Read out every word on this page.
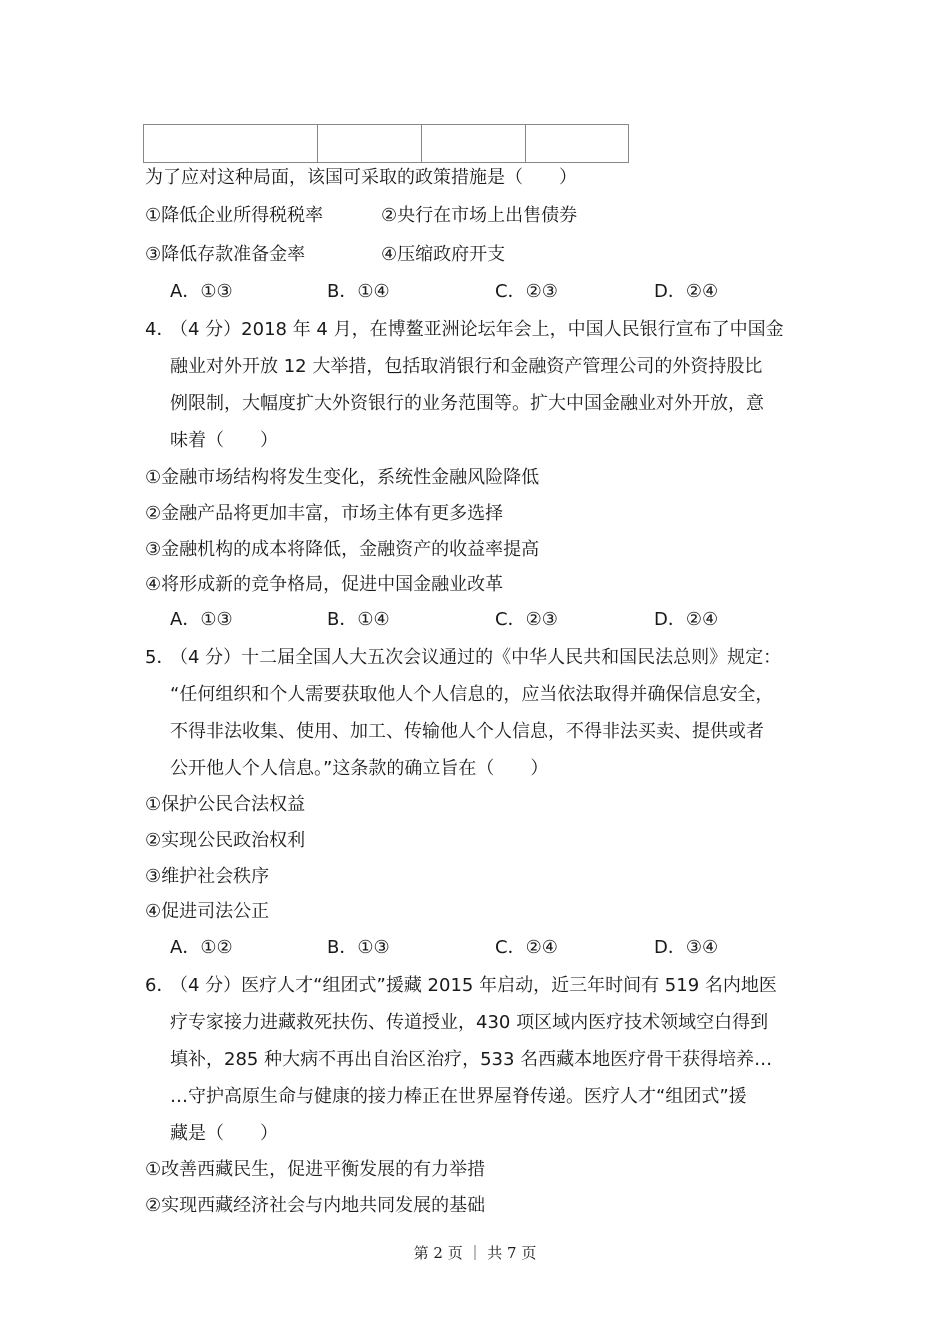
为了应对这种局面，该国可采取的政策措施是（　　）
①降低企业所得税税率	②央行在市场上出售债券
③降低存款准备金率	④压缩政府开支
A．①③	B．①④	C．②③	D．②④
4．
（4 分）2018 年 4 月，在博鳌亚洲论坛年会上，中国人民银行宣布了中国金
融业对外开放 12 大举措，包括取消银行和金融资产管理公司的外资持股比
例限制，大幅度扩大外资银行的业务范围等。扩大中国金融业对外开放，意
味着（　　）
①金融市场结构将发生变化，系统性金融风险降低
②金融产品将更加丰富，市场主体有更多选择
③金融机构的成本将降低，金融资产的收益率提高
④将形成新的竞争格局，促进中国金融业改革
A．①③	B．①④	C．②③	D．②④
5．
（4 分）十二届全国人大五次会议通过的《中华人民共和国民法总则》规定：
“任何组织和个人需要获取他人个人信息的，应当依法取得并确保信息安全，
不得非法收集、使用、加工、传输他人个人信息，不得非法买卖、提供或者
公开他人个人信息。”这条款的确立旨在（　　）
①保护公民合法权益
②实现公民政治权利
③维护社会秩序
④促进司法公正
A．①②	B．①③	C．②④	D．③④
6．
（4 分）医疗人才“组团式”援藏 2015 年启动，近三年时间有 519 名内地医
疗专家接力进藏救死扶伤、传道授业，430 项区域内医疗技术领域空白得到
填补，285 种大病不再出自治区治疗，533 名西藏本地医疗骨干获得培养…
…守护高原生命与健康的接力棒正在世界屋脊传递。医疗人才“组团式”援
藏是（　　）
①改善西藏民生，促进平衡发展的有力举措
②实现西藏经济社会与内地共同发展的基础
第 2 页 ｜ 共 7 页
